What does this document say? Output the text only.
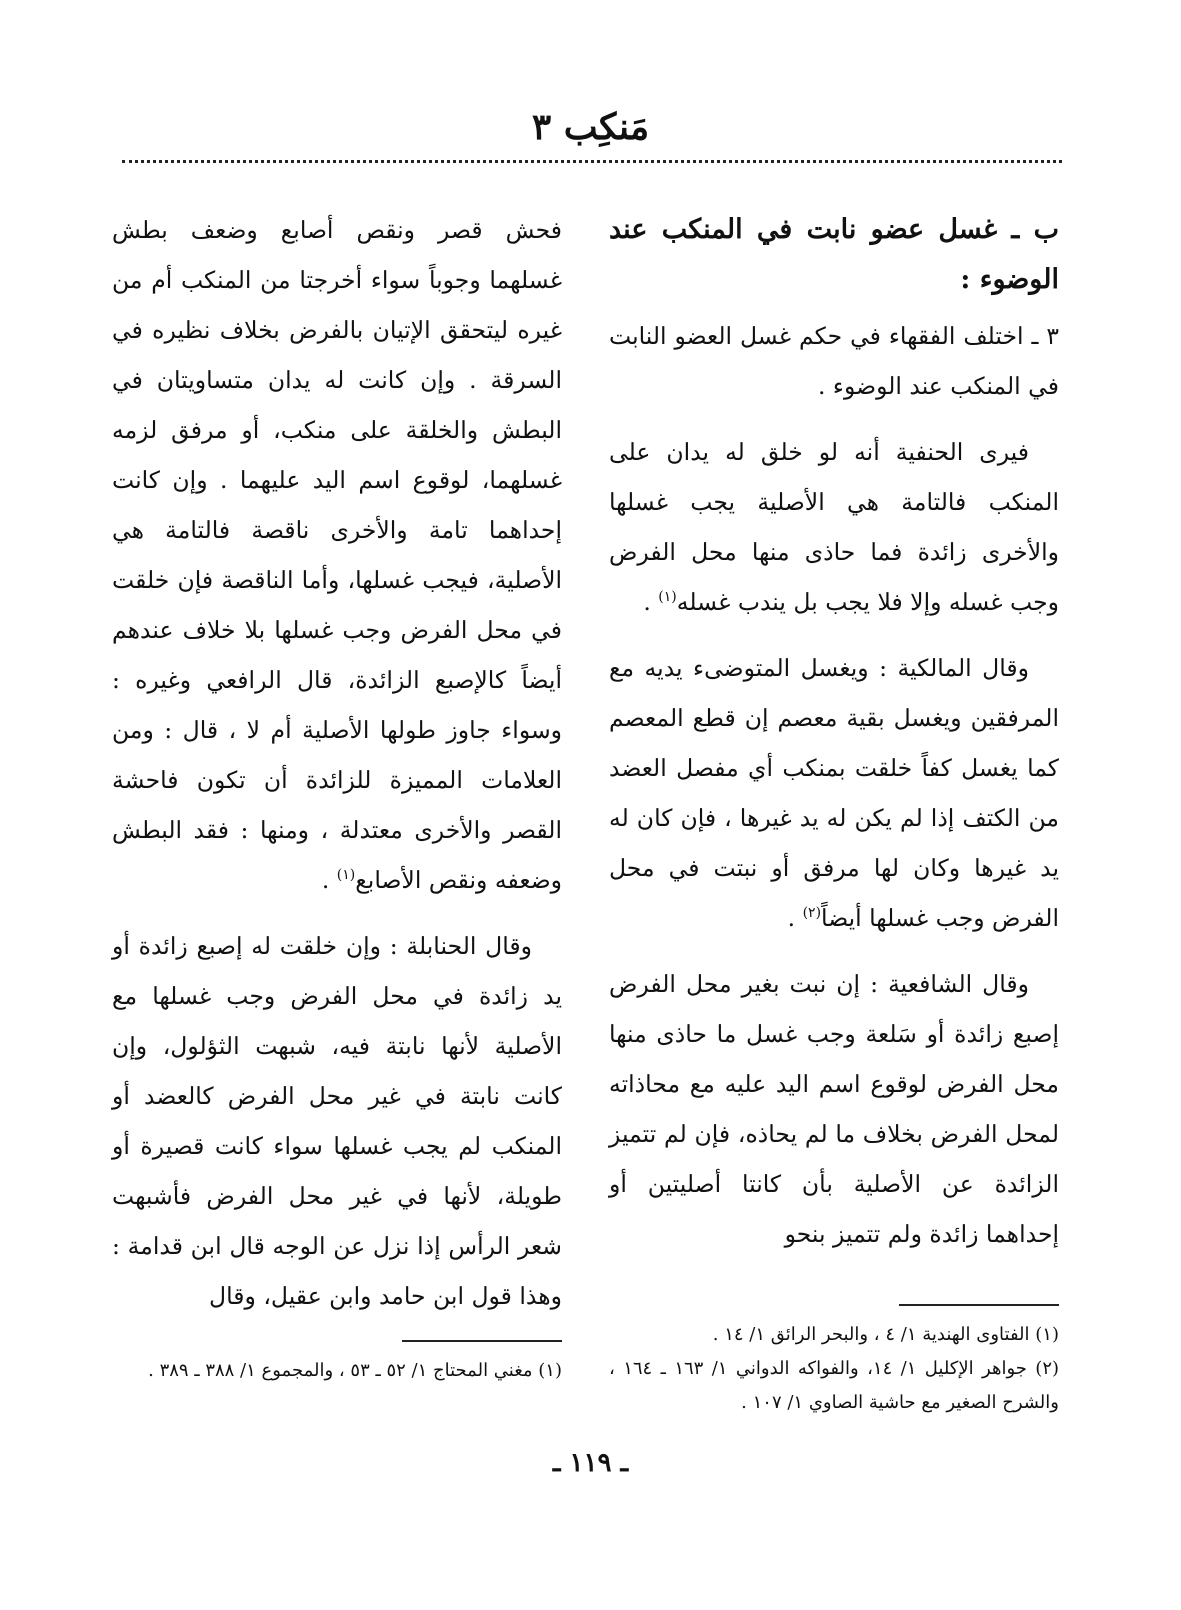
مَنكِب ٣
ب ـ غسل عضو نابت في المنكب عند الوضوء :

٣ ـ اختلف الفقهاء في حكم غسل العضو النابت في المنكب عند الوضوء .

فيرى الحنفية أنه لو خلق له يدان على المنكب فالتامة هي الأصلية يجب غسلها والأخرى زائدة فما حاذى منها محل الفرض وجب غسله وإلا فلا يجب بل يندب غسله$^{(١)}$ .

وقال المالكية : ويغسل المتوضىء يديه مع المرفقين ويغسل بقية معصم إن قطع المعصم كما يغسل كفاً خلقت بمنكب أي مفصل العضد من الكتف إذا لم يكن له يد غيرها ، فإن كان له يد غيرها وكان لها مرفق أو نبتت في محل الفرض وجب غسلها أيضاً$^{(٢)}$ .

وقال الشافعية : إن نبت بغير محل الفرض إصبع زائدة أو سَلعة وجب غسل ما حاذى منها محل الفرض لوقوع اسم اليد عليه مع محاذاته لمحل الفرض بخلاف ما لم يحاذه، فإن لم تتميز الزائدة عن الأصلية بأن كانتا أصليتين أو إحداهما زائدة ولم تتميز بنحو

(١) الفتاوى الهندية ١/ ٤ ، والبحر الرائق ١/ ١٤ .

(٢) جواهر الإكليل ١/ ١٤، والفواكه الدواني ١/ ١٦٣ ـ ١٦٤ ، والشرح الصغير مع حاشية الصاوي ١/ ١٠٧ .

فحش قصر ونقص أصابع وضعف بطش غسلهما وجوباً سواء أخرجتا من المنكب أم من غيره ليتحقق الإتيان بالفرض بخلاف نظيره في السرقة . وإن كانت له يدان متساويتان في البطش والخلقة على منكب، أو مرفق لزمه غسلهما، لوقوع اسم اليد عليهما . وإن كانت إحداهما تامة والأخرى ناقصة فالتامة هي الأصلية، فيجب غسلها، وأما الناقصة فإن خلقت في محل الفرض وجب غسلها بلا خلاف عندهم أيضاً كالإصبع الزائدة، قال الرافعي وغيره : وسواء جاوز طولها الأصلية أم لا ، قال : ومن العلامات المميزة للزائدة أن تكون فاحشة القصر والأخرى معتدلة ، ومنها : فقد البطش وضعفه ونقص الأصابع$^{(١)}$ .

وقال الحنابلة : وإن خلقت له إصبع زائدة أو يد زائدة في محل الفرض وجب غسلها مع الأصلية لأنها نابتة فيه، شبهت الثؤلول، وإن كانت نابتة في غير محل الفرض كالعضد أو المنكب لم يجب غسلها سواء كانت قصيرة أو طويلة، لأنها في غير محل الفرض فأشبهت شعر الرأس إذا نزل عن الوجه قال ابن قدامة : وهذا قول ابن حامد وابن عقيل، وقال

(١) مغني المحتاج ١/ ٥٢ ـ ٥٣ ، والمجموع ١/ ٣٨٨ ـ ٣٨٩ .

ـ ١١٩ ـ
